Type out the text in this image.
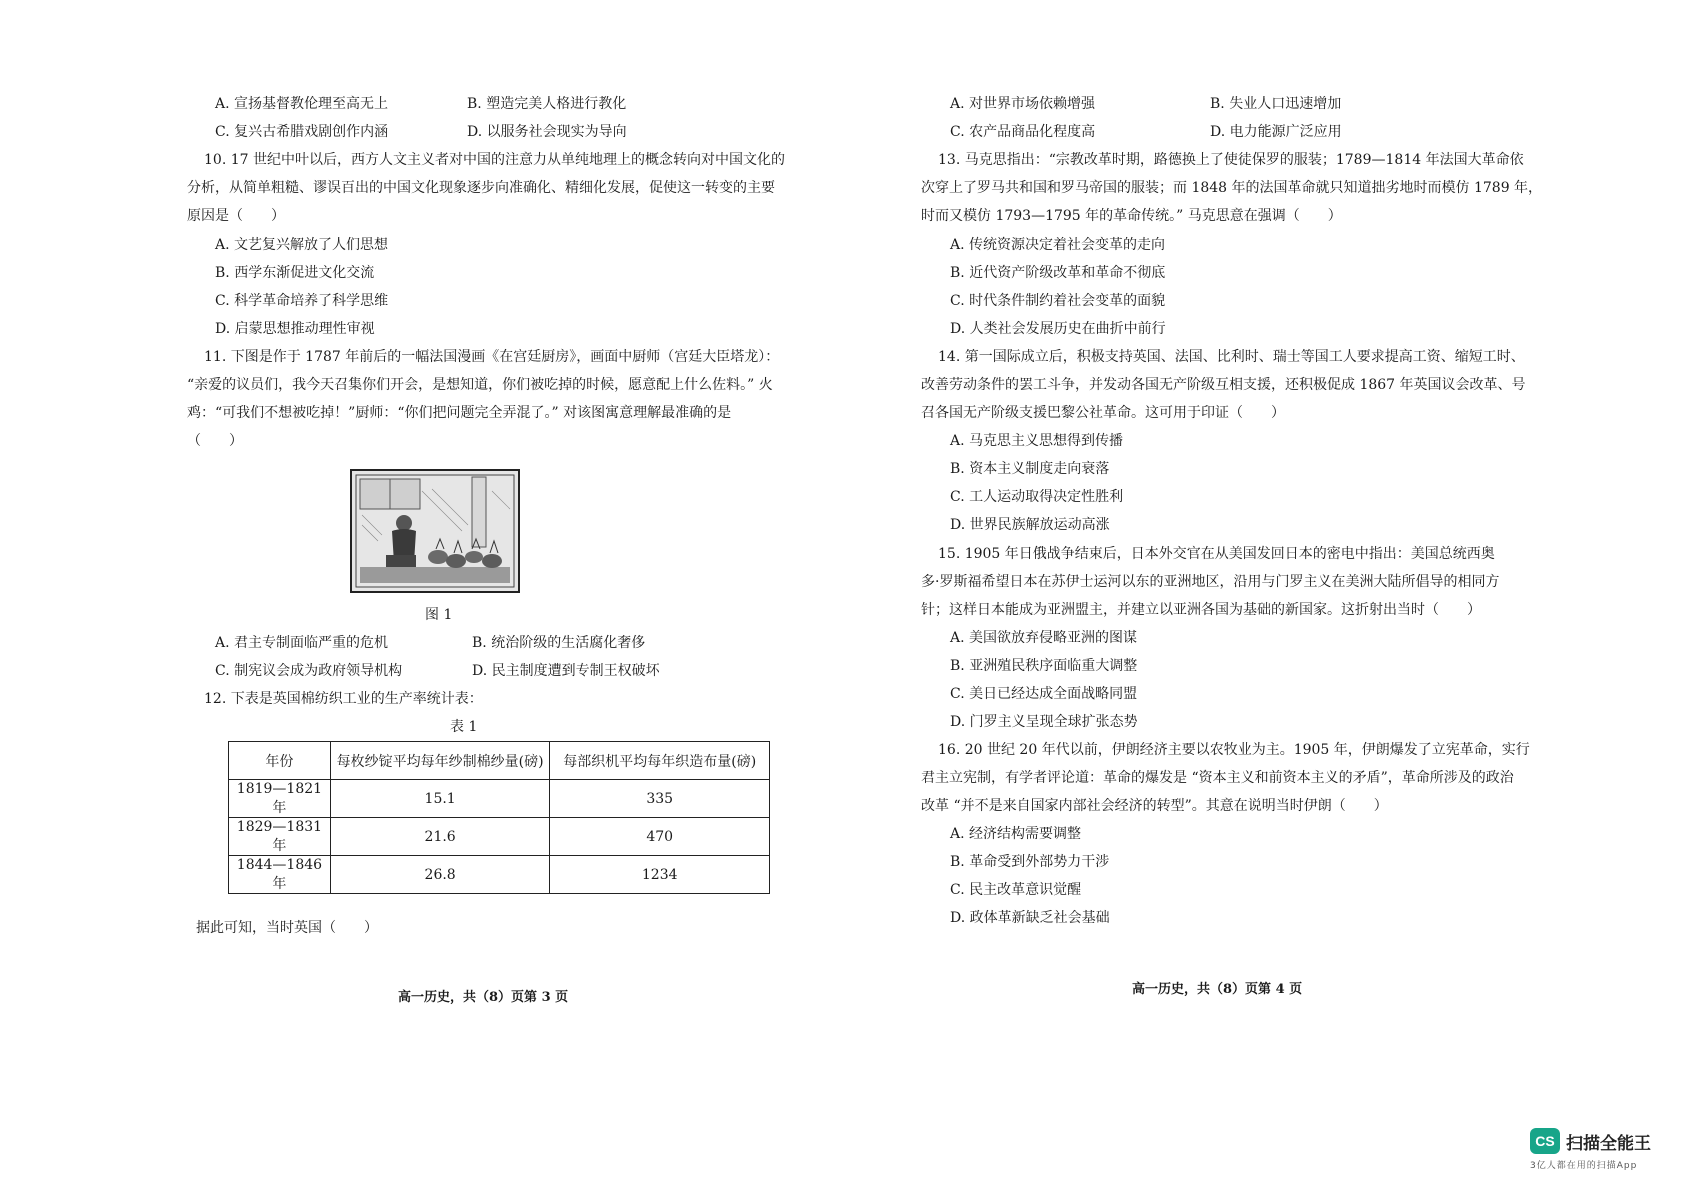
A. 宣扬基督教伦理至高无上	B. 塑造完美人格进行教化
C. 复兴古希腊戏剧创作内涵	D. 以服务社会现实为导向
10. 17 世纪中叶以后，西方人文主义者对中国的注意力从单纯地理上的概念转向对中国文化的
分析，从简单粗糙、谬误百出的中国文化现象逐步向准确化、精细化发展，促使这一转变的主要
原因是（　　）
A. 文艺复兴解放了人们思想
B. 西学东渐促进文化交流
C. 科学革命培养了科学思维
D. 启蒙思想推动理性审视
11. 下图是作于 1787 年前后的一幅法国漫画《在宫廷厨房》，画面中厨师（宫廷大臣塔龙）：
“亲爱的议员们，我今天召集你们开会，是想知道，你们被吃掉的时候，愿意配上什么佐料。” 火
鸡：“可我们不想被吃掉！”厨师：“你们把问题完全弄混了。” 对该图寓意理解最准确的是
（　　）
图 1
A. 君主专制面临严重的危机	B. 统治阶级的生活腐化奢侈
C. 制宪议会成为政府领导机构	D. 民主制度遭到专制王权破坏
12. 下表是英国棉纺织工业的生产率统计表：
表 1
年份	每枚纱锭平均每年纱制棉纱量(磅)	每部织机平均每年织造布量(磅)
1819—1821 年	15.1	335
1829—1831 年	21.6	470
1844—1846 年	26.8	1234
据此可知，当时英国（　　）
高一历史，共（8）页第 3 页
A. 对世界市场依赖增强	B. 失业人口迅速增加
C. 农产品商品化程度高	D. 电力能源广泛应用
13. 马克思指出：“宗教改革时期，路德换上了使徒保罗的服装；1789—1814 年法国大革命依
次穿上了罗马共和国和罗马帝国的服装；而 1848 年的法国革命就只知道拙劣地时而模仿 1789 年，
时而又模仿 1793—1795 年的革命传统。” 马克思意在强调（　　）
A. 传统资源决定着社会变革的走向
B. 近代资产阶级改革和革命不彻底
C. 时代条件制约着社会变革的面貌
D. 人类社会发展历史在曲折中前行
14. 第一国际成立后，积极支持英国、法国、比利时、瑞士等国工人要求提高工资、缩短工时、
改善劳动条件的罢工斗争，并发动各国无产阶级互相支援，还积极促成 1867 年英国议会改革、号
召各国无产阶级支援巴黎公社革命。这可用于印证（　　）
A. 马克思主义思想得到传播
B. 资本主义制度走向衰落
C. 工人运动取得决定性胜利
D. 世界民族解放运动高涨
15. 1905 年日俄战争结束后，日本外交官在从美国发回日本的密电中指出：美国总统西奥
多·罗斯福希望日本在苏伊士运河以东的亚洲地区，沿用与门罗主义在美洲大陆所倡导的相同方
针；这样日本能成为亚洲盟主，并建立以亚洲各国为基础的新国家。这折射出当时（　　）
A. 美国欲放弃侵略亚洲的图谋
B. 亚洲殖民秩序面临重大调整
C. 美日已经达成全面战略同盟
D. 门罗主义呈现全球扩张态势
16. 20 世纪 20 年代以前，伊朗经济主要以农牧业为主。1905 年，伊朗爆发了立宪革命，实行
君主立宪制，有学者评论道：革命的爆发是 “资本主义和前资本主义的矛盾”，革命所涉及的政治
改革 “并不是来自国家内部社会经济的转型”。其意在说明当时伊朗（　　）
A. 经济结构需要调整
B. 革命受到外部势力干涉
C. 民主改革意识觉醒
D. 政体革新缺乏社会基础
高一历史，共（8）页第 4 页
CS 扫描全能王
3亿人都在用的扫描App
